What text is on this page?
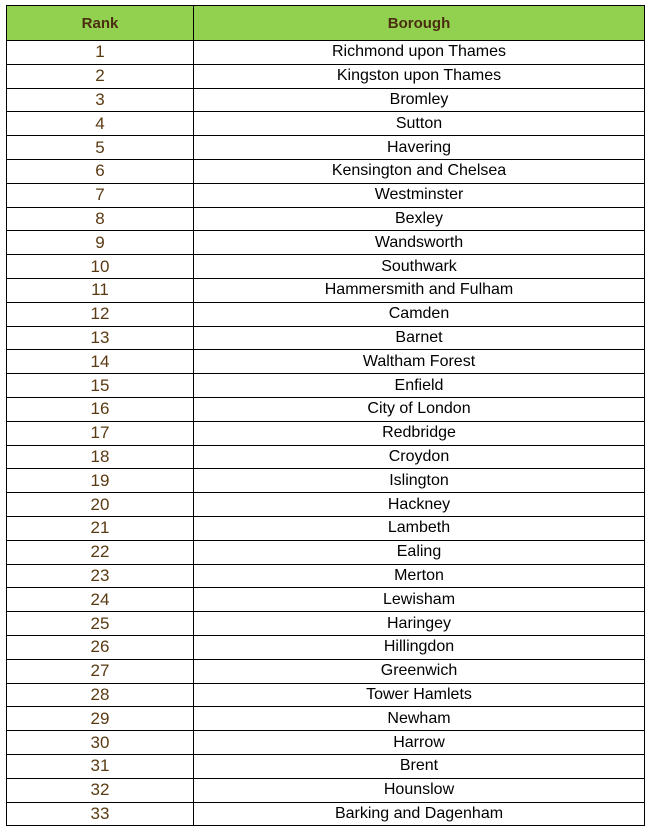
Rank	Borough
1	Richmond upon Thames
2	Kingston upon Thames
3	Bromley
4	Sutton
5	Havering
6	Kensington and Chelsea
7	Westminster
8	Bexley
9	Wandsworth
10	Southwark
11	Hammersmith and Fulham
12	Camden
13	Barnet
14	Waltham Forest
15	Enfield
16	City of London
17	Redbridge
18	Croydon
19	Islington
20	Hackney
21	Lambeth
22	Ealing
23	Merton
24	Lewisham
25	Haringey
26	Hillingdon
27	Greenwich
28	Tower Hamlets
29	Newham
30	Harrow
31	Brent
32	Hounslow
33	Barking and Dagenham
